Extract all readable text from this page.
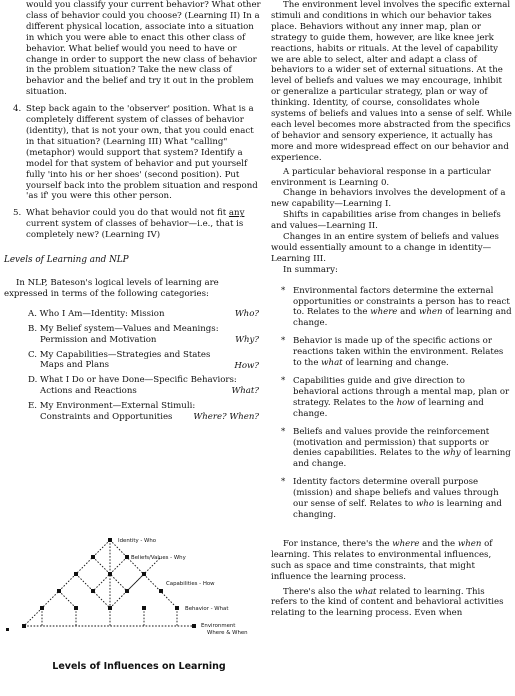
would you classify your current behavior? What other class of behavior could you choose? (Learning II) In a different physical location, associate into a situation in which you were able to enact this other class of behavior. What belief would you need to have or change in order to support the new class of behavior in the problem situation? Take the new class of behavior and the belief and try it out in the problem situation.

4. Step back again to the 'observer' position. What is a completely different system of classes of behavior (identity), that is not your own, that you could enact in that situation? (Learning III) What "calling" (metaphor) would support that system? Identify a model for that system of behavior and put yourself fully 'into his or her shoes' (second position). Put yourself back into the problem situation and respond 'as if' you were this other person.
5. What behavior could you do that would not fit any current system of classes of behavior—i.e., that is completely new? (Learning IV)

Levels of Learning and NLP

In NLP, Bateson's logical levels of learning are expressed in terms of the following categories:

A. Who I Am—Identity: Mission	Who?
B. My Belief system—Values and Meanings:
Permission and Motivation	Why?
C. My Capabilities—Strategies and States
Maps and Plans	How?
D. What I Do or have Done—Specific Behaviors:
Actions and Reactions	What?
E. My Environment—External Stimuli:
Constraints and Opportunities	Where? When?
Identity - Who
Beliefs/Values - Why
Capabilities - How
Behavior - What
Environment
Where & When
Levels of Influences on Learning

The environment level involves the specific external stimuli and conditions in which our behavior takes place. Behaviors without any inner map, plan or strategy to guide them, however, are like knee jerk reactions, habits or rituals. At the level of capability we are able to select, alter and adapt a class of behaviors to a wider set of external situations. At the level of beliefs and values we may encourage, inhibit or generalize a particular strategy, plan or way of thinking. Identity, of course, consolidates whole systems of beliefs and values into a sense of self. While each level becomes more abstracted from the specifics of behavior and sensory experience, it actually has more and more widespread effect on our behavior and experience.

A particular behavioral response in a particular environment is Learning 0.

Change in behaviors involves the development of a new capability—Learning I.

Shifts in capabilities arise from changes in beliefs and values—Learning II.

Changes in an entire system of beliefs and values would essentially amount to a change in identity—Learning III.

In summary:

* Environmental factors determine the external opportunities or constraints a person has to react to. Relates to the where and when of learning and change.
* Behavior is made up of the specific actions or reactions taken within the environment. Relates to the what of learning and change.
* Capabilities guide and give direction to behavioral actions through a mental map, plan or strategy. Relates to the how of learning and change.
* Beliefs and values provide the reinforcement (motivation and permission) that supports or denies capabilities. Relates to the why of learning and change.
* Identity factors determine overall purpose (mission) and shape beliefs and values through our sense of self. Relates to who is learning and changing.

For instance, there's the where and the when of learning. This relates to environmental influences, such as space and time constraints, that might influence the learning process.

There's also the what related to learning. This refers to the kind of content and behavioral activities relating to the learning process. Even when
